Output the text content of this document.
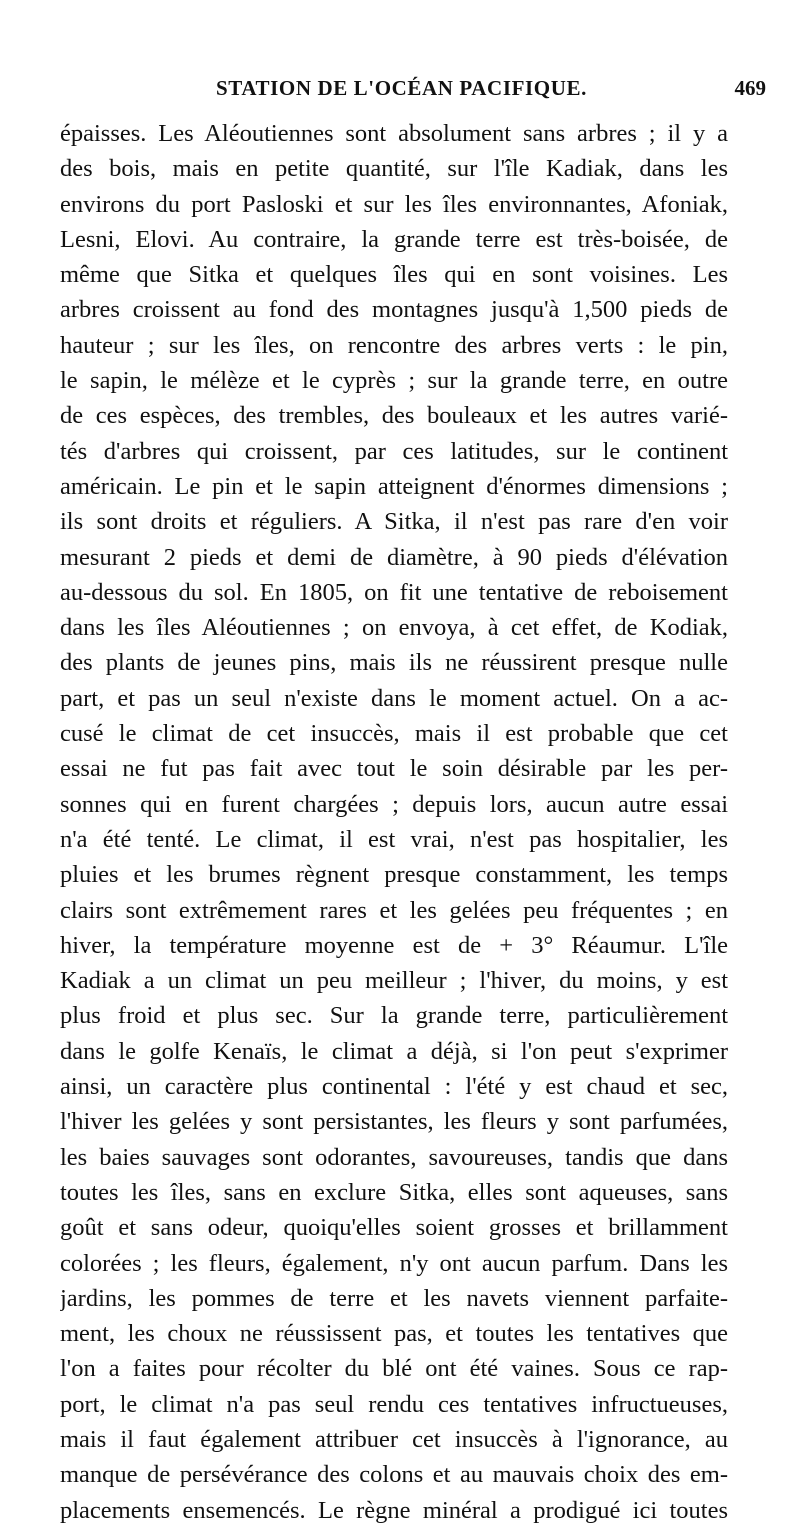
STATION DE L'OCÉAN PACIFIQUE.	469
épaisses. Les Aléoutiennes sont absolument sans arbres ; il y a
des bois, mais en petite quantité, sur l'île Kadiak, dans les
environs du port Pasloski et sur les îles environnantes, Afoniak,
Lesni, Elovi. Au contraire, la grande terre est très-boisée, de
même que Sitka et quelques îles qui en sont voisines. Les
arbres croissent au fond des montagnes jusqu'à 1,500 pieds de
hauteur ; sur les îles, on rencontre des arbres verts : le pin,
le sapin, le mélèze et le cyprès ; sur la grande terre, en outre
de ces espèces, des trembles, des bouleaux et les autres varié-
tés d'arbres qui croissent, par ces latitudes, sur le continent
américain. Le pin et le sapin atteignent d'énormes dimensions ;
ils sont droits et réguliers. A Sitka, il n'est pas rare d'en voir
mesurant 2 pieds et demi de diamètre, à 90 pieds d'élévation
au-dessous du sol. En 1805, on fit une tentative de reboisement
dans les îles Aléoutiennes ; on envoya, à cet effet, de Kodiak,
des plants de jeunes pins, mais ils ne réussirent presque nulle
part, et pas un seul n'existe dans le moment actuel. On a ac-
cusé le climat de cet insuccès, mais il est probable que cet
essai ne fut pas fait avec tout le soin désirable par les per-
sonnes qui en furent chargées ; depuis lors, aucun autre essai
n'a été tenté. Le climat, il est vrai, n'est pas hospitalier, les
pluies et les brumes règnent presque constamment, les temps
clairs sont extrêmement rares et les gelées peu fréquentes ; en
hiver, la température moyenne est de + 3° Réaumur. L'île
Kadiak a un climat un peu meilleur ; l'hiver, du moins, y est
plus froid et plus sec. Sur la grande terre, particulièrement
dans le golfe Kenaïs, le climat a déjà, si l'on peut s'exprimer
ainsi, un caractère plus continental : l'été y est chaud et sec,
l'hiver les gelées y sont persistantes, les fleurs y sont parfumées,
les baies sauvages sont odorantes, savoureuses, tandis que dans
toutes les îles, sans en exclure Sitka, elles sont aqueuses, sans
goût et sans odeur, quoiqu'elles soient grosses et brillamment
colorées ; les fleurs, également, n'y ont aucun parfum. Dans les
jardins, les pommes de terre et les navets viennent parfaite-
ment, les choux ne réussissent pas, et toutes les tentatives que
l'on a faites pour récolter du blé ont été vaines. Sous ce rap-
port, le climat n'a pas seul rendu ces tentatives infructueuses,
mais il faut également attribuer cet insuccès à l'ignorance, au
manque de persévérance des colons et au mauvais choix des em-
placements ensemencés. Le règne minéral a prodigué ici toutes
